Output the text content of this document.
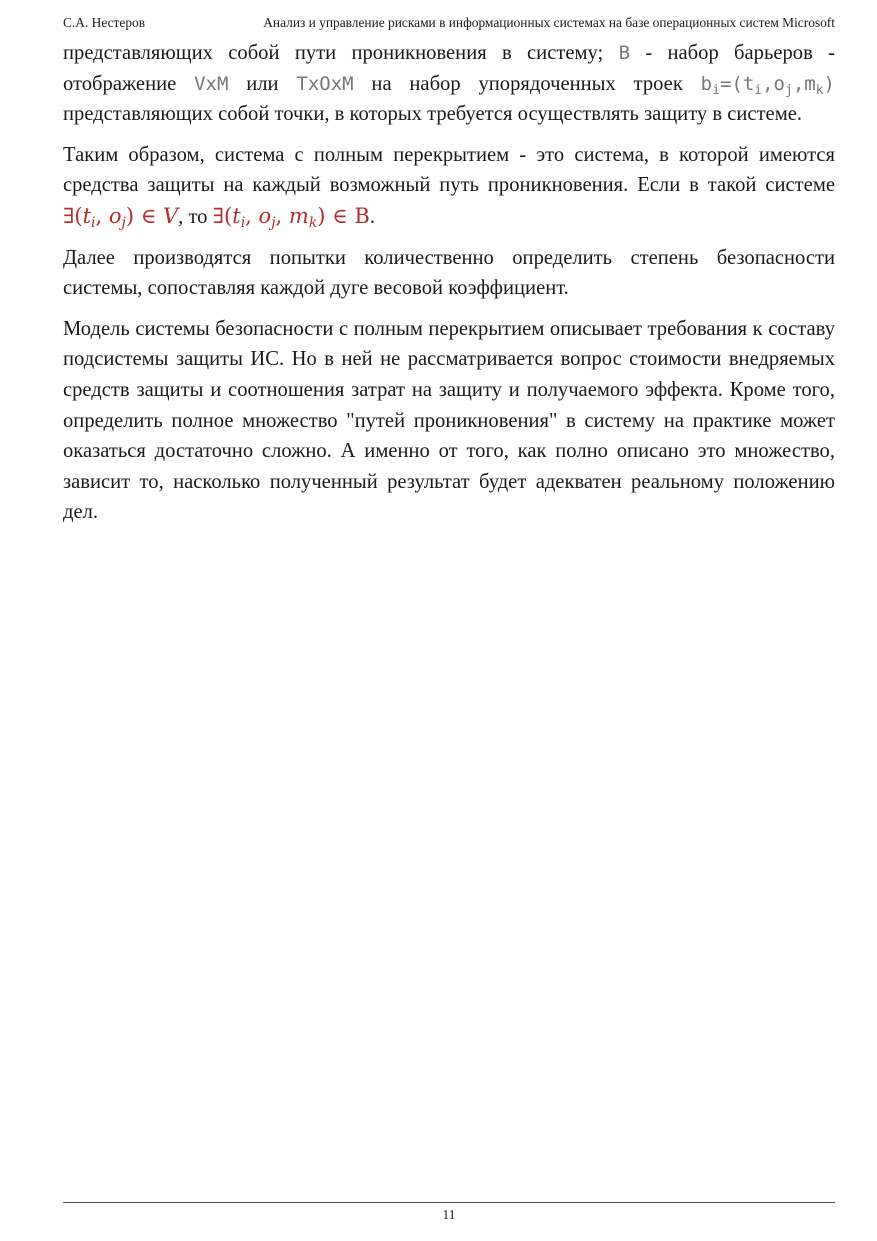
С.А. Нестеров	Анализ и управление рисками в информационных системах на базе операционных систем Microsoft

представляющих собой пути проникновения в систему; B - набор барьеров - отображение VxM или TxOxM на набор упорядоченных троек $b_i=(t_i,o_j,m_k)$ представляющих собой точки, в которых требуется осуществлять защиту в системе.

Таким образом, система с полным перекрытием - это система, в которой имеются средства защиты на каждый возможный путь проникновения. Если в такой системе $\exists(t_i$, $o_j$) ∈ V, то $\exists(t_i$, $o_j$, $m_k$) ∈ B.

Далее производятся попытки количественно определить степень безопасности системы, сопоставляя каждой дуге весовой коэффициент.

Модель системы безопасности с полным перекрытием описывает требования к составу подсистемы защиты ИС. Но в ней не рассматривается вопрос стоимости внедряемых средств защиты и соотношения затрат на защиту и получаемого эффекта. Кроме того, определить полное множество "путей проникновения" в систему на практике может оказаться достаточно сложно. А именно от того, как полно описано это множество, зависит то, насколько полученный результат будет адекватен реальному положению дел.

11
